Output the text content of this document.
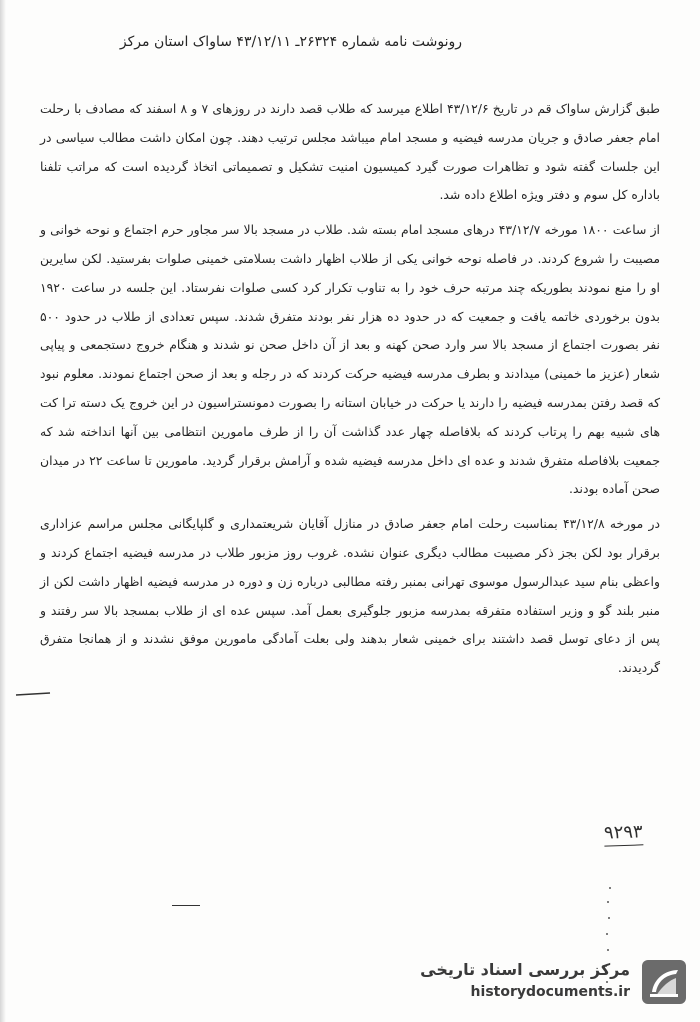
رونوشت نامه شماره ۲۶۳۲۴ـ ۴۳/۱۲/۱۱ ساواک استان مرکز

طبق گزارش ساواک قم در تاریخ ۴۳/۱۲/۶ اطلاع میرسد که طلاب قصد دارند در روزهای ۷ و ۸ اسفند که مصادف با رحلت امام جعفر صادق و جریان مدرسه فیضیه و مسجد امام میباشد مجلس ترتیب دهند. چون امکان داشت مطالب سیاسی در این جلسات گفته شود و تظاهرات صورت گیرد کمیسیون امنیت تشکیل و تصمیماتی اتخاذ گردیده است که مراتب تلفنا باداره کل سوم و دفتر ویژه اطلاع داده شد.

از ساعت ۱۸۰۰ مورخه ۴۳/۱۲/۷ درهای مسجد امام بسته شد. طلاب در مسجد بالا سر مجاور حرم اجتماع و نوحه خوانی و مصیبت را شروع کردند. در فاصله نوحه خوانی یکی از طلاب اظهار داشت بسلامتی خمینی صلوات بفرستید. لکن سایرین او را منع نمودند بطوریکه چند مرتبه حرف خود را به تناوب تکرار کرد کسی صلوات نفرستاد. این جلسه در ساعت ۱۹۲۰ بدون برخوردی خاتمه یافت و جمعیت که در حدود ده هزار نفر بودند متفرق شدند. سپس تعدادی از طلاب در حدود ۵۰۰ نفر بصورت اجتماع از مسجد بالا سر وارد صحن کهنه و بعد از آن داخل صحن نو شدند و هنگام خروج دستجمعی و پیاپی شعار (عزیز ما خمینی) میدادند و بطرف مدرسه فیضیه حرکت کردند که در رجله و بعد از صحن اجتماع نمودند. معلوم نبود که قصد رفتن بمدرسه فیضیه را دارند یا حرکت در خیابان استانه را بصورت دمونستراسیون در این خروج یک دسته ترا کت های شبیه بهم را پرتاب کردند که بلافاصله چهار عدد گذاشت آن را از طرف مامورین انتظامی بین آنها انداخته شد که جمعیت بلافاصله متفرق شدند و عده ای داخل مدرسه فیضیه شده و آرامش برقرار گردید. مامورین تا ساعت ۲۲ در میدان صحن آماده بودند.

در مورخه ۴۳/۱۲/۸ بمناسبت رحلت امام جعفر صادق در منازل آقایان شریعتمداری و گلپایگانی مجلس مراسم عزاداری برقرار بود لکن بجز ذکر مصیبت مطالب دیگری عنوان نشده. غروب روز مزبور طلاب در مدرسه فیضیه اجتماع کردند و واعظی بنام سید عبدالرسول موسوی تهرانی بمنبر رفته مطالبی درباره زن و دوره در مدرسه فیضیه اظهار داشت لکن از منبر بلند گو و وزیر استفاده متفرقه بمدرسه مزبور جلوگیری بعمل آمد. سپس عده ای از طلاب بمسجد بالا سر رفتند و پس از دعای توسل قصد داشتند برای خمینی شعار بدهند ولی بعلت آمادگی مامورین موفق نشدند و از همانجا متفرق گردیدند.

۹۲۹۳
مرکز بررسی اسناد تاریخی
historydocuments.ir
